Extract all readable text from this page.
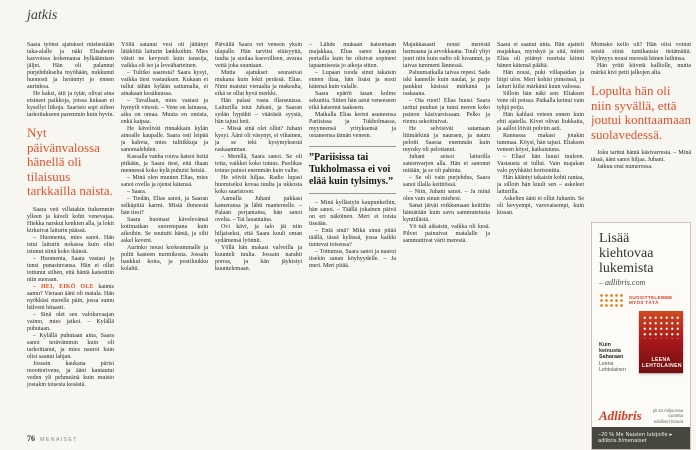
jatkis

Saara työnsi ajatukset miehestään taka-alalle ja näki Elisabetin kasvoissa kokemansa hylkäämisen jäljet. Hän oli palannut purjehdukselta myöhään, nukkunut huonosti ja herännyt jo ennen aurinkoa.

He kaksi, äiti ja tytär, olivat aina etsineet paikkoja, joissa kukaan ei kysellyt liikoja. Saaristo sopi siihen tarkoitukseen paremmin kuin hyvin.

Nyt päivänvalossa hänellä oli tilaisuus tarkkailla naista.

Saara veti villatakin tiukemmin ylleen ja käveli kohti venevajaa. Hiekka narskui kenkien alla, ja lokit kirkuivat laiturin päässä.

– Huomenta, mies sanoi. Hän istui laiturin nokassa kuin olisi istunut siinä koko ikänsä.

– Huomenta, Saara vastasi ja tunsi punastuvansa. Hän ei ollut tottunut siihen, että häntä katsottiin niin suoraan.

– HEI, EIKÖ OLE kaunis aamu? Vieraan ääni oli matala. Hän nyökkäsi merelle päin, jossa sumu hälveni hitaasti.

– Sinä olet sen valokuvaajan vaimo, mies jatkoi. – Kylällä puhutaan.

– Kylällä puhutaan aina, Saara sanoi terävämmin kuin oli tarkoittanut, ja mies nauroi kuin olisi saanut lahjan.

Jossain kaukana pärisi moottorivene, ja ääni kantautui veden yli pehmeänä kuin muisto jostakin toisesta kesästä.

Yöllä satanut vesi oli jättänyt lätäköitä laiturin lankkuihin. Mies väisti ne kevyesti kuin tanssija, vaikka oli iso ja leveäharteinen.

– Tulitko saaresta? Saara kysyi, vaikka tiesi vastauksen. Kukaan ei tullut tähän kylään sattumalta, ei ainakaan kesäkuussa.

– Tavallaan, mies vastasi ja hymyili vinosti. – Vene on lainassa, aika on omaa. Muuta en omista, enkä kaipaa.

He kävelivät rinnakkain kylän ainoalle kaupalle. Saara osti leipää ja kahvia, mies tulitikkuja ja sanomalehden.

Kassalla vanha rouva katsoi heitä pitkään, ja Saara tiesi, että iltaan mennessä koko kylä puhuisi heistä.

– Minä olen muuten Elias, mies sanoi ovella ja ojensi kätensä.

– Saara.

– Tiedän, Elias sanoi, ja Saaran selkäpiitä karmi. Mistä ihmeestä hän tiesi?

Saara huomasi kävelevänsä kotimatkan suorempana kuin aikoihin. Se suututti häntä, ja silti askel keveni.

Aurinko nousi korkeammalle ja poltti kasteen nurmikosta. Jossain haukkui koira, ja postiluukku kolahti.

Päivällä Saara vei veneen yksin ulapalle. Hän tarvitsi etäisyyttä, tuulta ja suolaa kasvoilleen, avaraa vettä joka suuntaan.

Mutta ajatukset seurasivat mukana kuin lokit perässä. Elias. Nimi maistui vieraalta ja makealta, eikä se ollut hyvä merkki.

Hän palasi vasta illansuussa. Laiturilla istui Juhani, ja Saaran sydän hypähti – väärästä syystä, hän tajusi heti.

– Missä sinä olet ollut? Juhani kysyi. Ääni oli väsynyt, ei vihainen, ja se teki kysymyksestä raskaamman.

– Merellä, Saara sanoi. Se oli totta, vaikkei koko totuus. Puolikas totuus painoi enemmän kuin valhe.

He söivät hiljaa. Radio lupasi huomiseksi kovaa tuulta ja ukkosta koko saaristoon.

Aamulla Juhani pakkasi kameransa ja lähti mantereelle. – Palaan perjantaina, hän sanoi ovelta. – Tai lauantaina.

Ovi kävi, ja talo jäi niin hiljaiseksi, että Saara kuuli oman sydämensä lyönnit.

Yöllä hän makasi valveilla ja kuunteli tuulta. Jossain narahti porras, ja hän jäykistyi kuuntelemaan.

– Lähde mukaan katsomaan majakkaa, Elias sanoi kaupan portailla kuin he olisivat sopineet tapaamisesta jo aikoja sitten.

– Lupaan tuoda sinut takaisin ennen iltaa, hän lisäsi ja nosti kätensä kuin valalle.

Saara epäröi tasan kolme sekuntia. Sitten hän astui veneeseen eikä katsonut taakseen.

Matkalla Elias kertoi asuneensa Pariisissa ja Tukholmassa, myyneensä yrityksensä ja ostaneensa tämän veneen.

”Pariisissa tai Tukholmassa ei voi elää kuin tylsimys.”

– Minä kyllästyin kaupunkeihin, hän sanoi. – Täällä jokainen päivä on eri näköinen. Meri ei toista itseään.

– Entä sinä? Mikä sinut pitää täällä, tässä kylässä, jossa kaikki tuntevat toisensa?

– Tottumus, Saara sanoi ja nauroi itsekin sanan köyhyydelle. – Ja meri. Meri pitää.

Majakkasaari nousi merestä harmaana ja arvokkaana. Tuuli yltyi juuri niin kuin radio oli luvannut, ja taivas tummeni lännessä.

Paluumatkalla taivas repesi. Sade iski kannelle kuin naulat, ja purje paukkui käsissä märkänä ja raskaana.

– Ota ruori! Elias huusi. Saara tarttui puuhun ja tunsi meren koko painon käsivarsissaan. Pelko ja riemu sekoittuivat.

He selvisivät satamaan litimärkinä ja nauraen, ja nauru pelotti Saaraa enemmän kuin myrsky oli pelottanut.

Juhani seisoi laiturilla sateenvarjon alla. Hän ei sanonut mitään, ja se oli pahinta.

– Se oli vain purjehdus, Saara sanoi illalla keittiössä.

– Niin, Juhani sanoi. – Ja minä olen vain sinun miehesi.

Sanat jäivät roikkumaan keittiön hämärään kuin savu sammutetusta kynttilästä.

Yö tuli aikaisin, vaikka oli kesä. Pilvet painuivat matalalle ja sammuttivat värit merestä.

Saara ei saanut unta. Hän ajatteli majakkaa, myrskyä ja sitä, miten Elias oli pitänyt ruorista kiinni hänen kätensä päältä.

Hän nousi, puki villapaidan ja hiipi ulos. Meri kohisi pimeässä, ja laituri kiilsi märkänä kuun valossa.

Silloin hän näki sen: Eliaksen vene oli poissa. Paikalla keinui vain tyhjä poiju.

Hän kahlasi veteen ennen kuin ehti ajatella. Kivet olivat liukkaita, ja aallot löivät polviin asti.

Rannassa makasi jotakin tummaa. Köysi, hän tajusi. Eliaksen veneen köysi, katkaistuna.

– Elias! hän huusi tuuleen. Vastausta ei tullut. Vain majakan valo pyyhkäisi horisonttia.

Hän kääntyi takaisin kohti rantaa, ja silloin hän kuuli sen – askeleet laiturilla.

Askelten ääni ei ollut Juhanin. Se oli kevyempi, varovaisempi, kuin kissan.

Montako kello oli? Hän olisi voinut seistä siinä tuntikausia tietämättä. Kylmyys nousi merestä hänen luihinsa.

Hän yritti kiivetä kalliolle, mutta märkä kivi petti jalkojen alta.

Lopulta hän oli niin syvällä, että joutui konttaamaan suolavedessä.

Joku tarttui häntä käsivarresta. – Minä tässä, ääni sanoi hiljaa. Juhani.

Jatkuu ensi numerossa.

Lisää kiehtovaa lukemista
– adlibris.com
SUOSITTELEMME MYÖS TÄTÄ
Kuin keinusta Saharaan
Leena Lehtolainen
LEENA LEHTOLAINEN
Adlibris	yli 10 miljoonaa tuotetta
edulliset hinnat
–20 % Me Naisten lukijoille ▸ adlibris.fi/menaiset
76 MENAISET
